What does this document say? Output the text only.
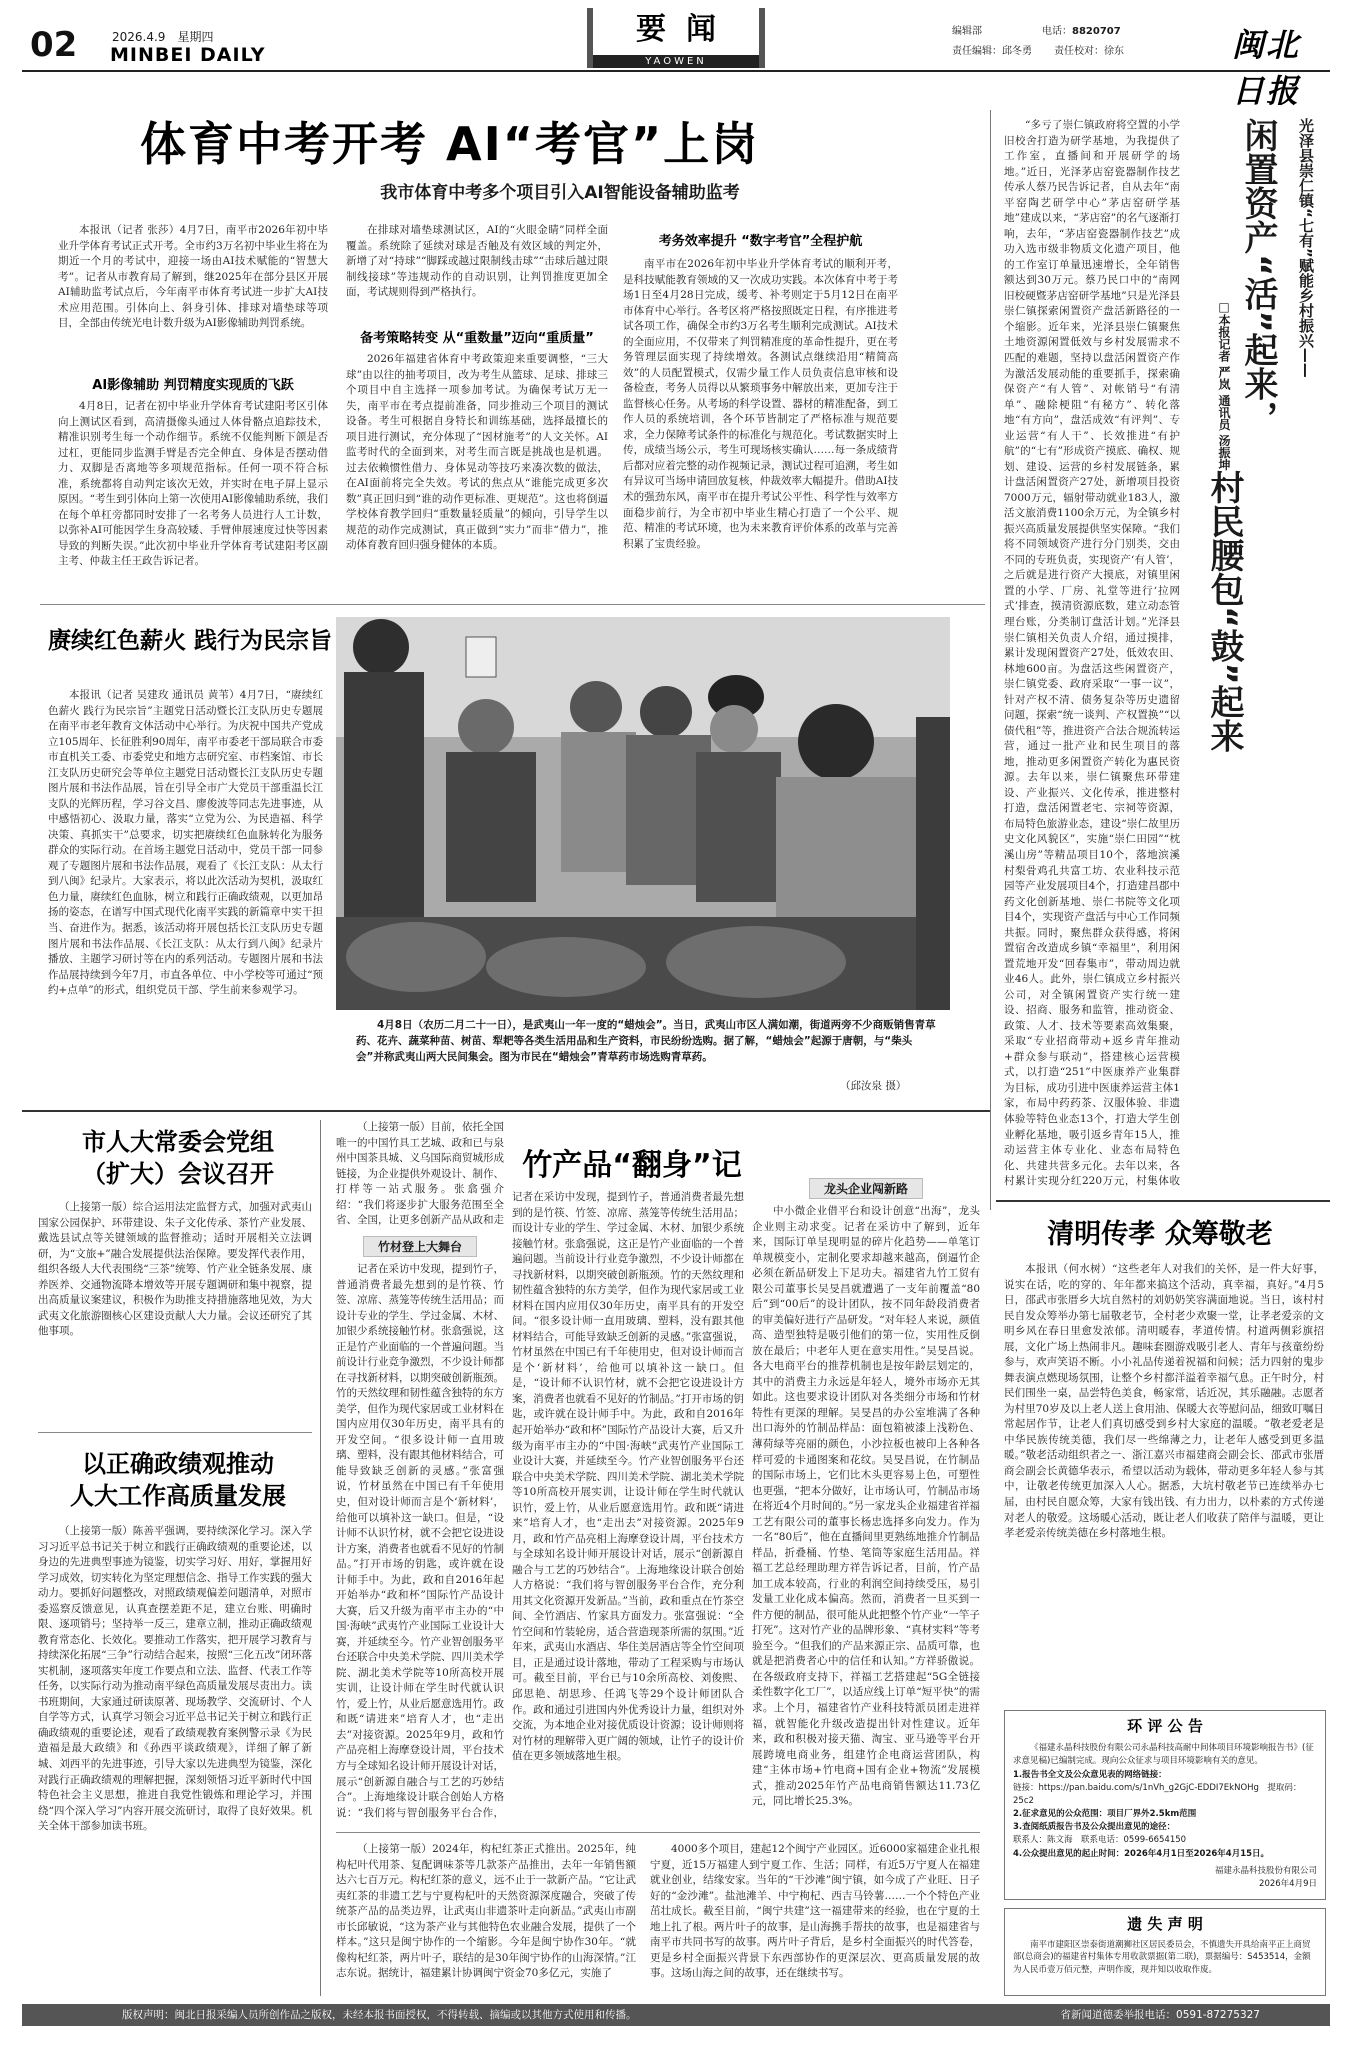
02	2026.4.9　 星期四
MINBEI DAILY
要闻
YAOWEN
编辑部	电话：8820707
责任编辑：邱冬勇 责任校对：徐东	闽北日报
体育中考开考 AI“考官”上岗
我市体育中考多个项目引入AI智能设备辅助监考
本报讯（记者 张莎）4月7日，南平市2026年初中毕业升学体育考试正式开考。全市约3万名初中毕业生将在为期近一个月的考试中，迎接一场由AI技术赋能的“智慧大考”。记者从市教育局了解到，继2025年在部分县区开展AI辅助监考试点后，今年南平市体育考试进一步扩大AI技术应用范围。引体向上、斜身引体、排球对墙垫球等项目，全部由传统光电计数升级为AI影像辅助判罚系统。
AI影像辅助 判罚精度实现质的飞跃
4月8日，记者在初中毕业升学体育考试建阳考区引体向上测试区看到，高清摄像头通过人体骨骼点追踪技术，精准识别考生每一个动作细节。系统不仅能判断下颌是否过杠，更能同步监测手臂是否完全伸直、身体是否摆动借力、双脚是否离地等多项规范指标。任何一项不符合标准，系统都将自动判定该次无效，并实时在电子屏上显示原因。“考生到引体向上第一次使用AI影像辅助系统，我们在每个单杠旁都同时安排了一名考务人员进行人工计数，以弥补AI可能因学生身高较矮、手臂伸展速度过快等因素导致的判断失误。”此次初中毕业升学体育考试建阳考区副主考、仲裁主任王政告诉记者。
在排球对墙垫球测试区，AI的“火眼金睛”同样全面覆盖。系统除了延续对球是否触及有效区域的判定外，新增了对“持球”“脚踩或越过限制线击球”“击球后越过限制线接球”等违规动作的自动识别，让判罚推度更加全面，考试规则得到严格执行。
备考策略转变 从“重数量”迈向“重质量”
2026年福建省体育中考政策迎来重要调整，“三大球”由以往的抽考项目，改为考生从篮球、足球、排球三个项目中自主选择一项参加考试。为确保考试万无一失，南平市在考点提前准备，同步推动三个项目的测试设备。考生可根据自身特长和训练基础，选择最擅长的项目进行测试，充分体现了“因材施考”的人文关怀。AI监考时代的全面到来，对考生而言既是挑战也是机遇。过去依赖惯性借力、身体晃动等技巧来凑次数的做法，在AI面前将完全失效。考试的焦点从“谁能完成更多次数”真正回归到“谁的动作更标准、更规范”。这也将倒逼学校体育教学回归“重数量轻质量”的倾向，引导学生以规范的动作完成测试，真正做到“实力”而非“借力”，推动体育教育回归强身健体的本质。
考务效率提升 “数字考官”全程护航
南平市在2026年初中毕业升学体育考试的顺利开考，是科技赋能教育领域的又一次成功实践。本次体育中考于考场1日至4月28日完成，缓考、补考则定于5月12日在南平市体育中心举行。各考区将严格按照既定日程，有序推进考试各项工作，确保全市约3万名考生顺利完成测试。AI技术的全面应用，不仅带来了判罚精准度的革命性提升，更在考务管理层面实现了持续增效。各测试点继续沿用“精简高效”的人员配置模式，仅需少量工作人员负责信息审核和设备检查，考务人员得以从繁琐事务中解放出来，更加专注于监督核心任务。从考场的科学设置、器材的精准配备，到工作人员的系统培训，各个环节皆制定了严格标准与规范要求，全力保障考试条件的标准化与规范化。考试数据实时上传，成绩当场公示，考生可现场核实确认……每一条成绩背后都对应着完整的动作视频记录，测试过程可追溯，考生如有异议可当场申请回放复核，仲裁效率大幅提升。借助AI技术的强劲东风，南平市在提升考试公平性、科学性与效率方面稳步前行，为全市初中毕业生精心打造了一个公平、规范、精准的考试环境，也为未来教育评价体系的改革与完善积累了宝贵经验。
光泽县崇仁镇“七有”赋能乡村振兴——
闲置资产“活”起来，
村民腰包“鼓”起来
□本报记者 严岚 通讯员 汤振坤
“多亏了崇仁镇政府将空置的小学旧校舍打造为研学基地，为我提供了工作室，直播间和开展研学的场地。”近日，光泽茅店窑瓷器制作技艺传承人蔡乃民告诉记者，自从去年“南平窑陶艺研学中心”茅店窑研学基地”建成以来，“茅店窑”的名气逐渐打响，去年，“茅店窑瓷器制作技艺”成功入选市级非物质文化遗产项目，他的工作室订单量迅速增长，全年销售额达到30万元。蔡乃民口中的“南网旧校硬暨茅店窑研学基地”只是光泽县崇仁镇探索闲置资产盘活新路径的一个缩影。近年来，光泽县崇仁镇聚焦土地资源闲置低效与乡村发展需求不匹配的难题，坚持以盘活闲置资产作为激活发展动能的重要抓手，探索确保资产“有人管”、对帐销号“有清单”、融除梗阻“有秘方”、转化落地“有方向”，盘活成效“有评判”、专业运营“有人干”、长效推进“有护航”的“七有”形成资产摸底、确权、规划、建设、运营的乡村发展链条，累计盘活闲置资产27处，新增项目投资7000万元，辐射带动就业183人，激活文旅消费1100余万元，为全镇乡村振兴高质量发展提供坚实保障。“我们将不同领域资产进行分门别类，交由不同的专班负责，实现资产‘有人管’，之后就是进行资产大摸底，对镇里闲置的小学、厂房、礼堂等进行‘拉网式’排查，摸清资源底数，建立动态管理台账，分类制订盘活计划。”光泽县崇仁镇相关负责人介绍，通过摸排，累计发现闲置资产27处，低效农田、林地600亩。为盘活这些闲置资产，崇仁镇党委、政府采取“一事一议”，针对产权不清、债务复杂等历史遗留问题，探索“统一谈判、产权置换”“以债代租”等，推进资产合法合规流转运营，通过一批产业和民生项目的落地，推动更多闲置资产转化为惠民资源。去年以来，崇仁镇聚焦环带建设、产业振兴、文化传承，推进整村打造，盘活闲置老宅、宗祠等资源，布局特色旅游业态，建设“崇仁故里历史文化风貌区”，实施“崇仁田园”“枕溪山房”等精品项目10个，落地滨溪村梨骨鸡孔共富工坊、农业科技示范园等产业发展项目4个，打造建昌郡中药文化创新基地、崇仁书院等文化项目4个，实现资产盘活与中心工作同频共振。同时，聚焦群众获得感，将闲置宿舍改造成乡镇“幸福里”，利用闲置荒地开发“回春集市”，带动周边就业46人。此外，崇仁镇成立乡村振兴公司，对全镇闲置资产实行统一建设、招商、服务和监管，推动资金、政策、人才、技术等要素高效集聚，采取“专业招商带动+返乡青年推动+群众参与联动”，搭建核心运营模式，以打造“251”中医康养产业集群为目标，成功引进中医康养运营主体1家，布局中药药茶、汉服体验、非遗体验等特色业态13个，打造大学生创业孵化基地，吸引返乡青年15人，推动运营主体专业化、业态布局特色化、共建共营多元化。去年以来，各村累计实现分红220万元，村集体收
赓续红色薪火 践行为民宗旨
本报讯（记者 吴建玫 通讯员 黄苇）4月7日，“赓续红色薪火 践行为民宗旨”主题党日活动暨长江支队历史专题展在南平市老年教育文体活动中心举行。为庆祝中国共产党成立105周年、长征胜利90周年，南平市委老干部局联合市委市直机关工委、市委党史和地方志研究室、市档案馆、市长江支队历史研究会等单位主题党日活动暨长江支队历史专题图片展和书法作品展，旨在引导全市广大党员干部重温长江支队的光辉历程，学习谷文昌、廖俊波等同志先进事迹，从中感悟初心、汲取力量，落实“立党为公、为民造福、科学决策、真抓实干”总要求，切实把赓续红色血脉转化为服务群众的实际行动。在首场主题党日活动中，党员干部一同参观了专题图片展和书法作品展，观看了《长江支队：从太行到八闽》纪录片。大家表示，将以此次活动为契机，汲取红色力量，赓续红色血脉，树立和践行正确政绩观，以更加昂扬的姿态，在谱写中国式现代化南平实践的新篇章中实干担当、奋进作为。据悉，该活动将开展包括长江支队历史专题图片展和书法作品展、《长江支队：从太行到八闽》纪录片播放、主题学习研讨等在内的系列活动。专题图片展和书法作品展持续到今年7月，市直各单位、中小学校等可通过“预约+点单”的形式，组织党员干部、学生前来参观学习。
4月8日（农历二月二十一日），是武夷山一年一度的“蜡烛会”。当日，武夷山市区人满如潮，街道两旁不少商贩销售青草药、花卉、蔬菜种苗、树苗、犁耙等各类生活用品和生产资料，市民纷纷选购。据了解，“蜡烛会”起源于唐朝，与“柴头会”并称武夷山两大民间集会。图为市民在“蜡烛会”青草药市场选购青草药。
（邱汝泉 摄）
市人大常委会党组
（扩大）会议召开
（上接第一版）综合运用法定监督方式，加强对武夷山国家公园保护、环带建设、朱子文化传承、茶竹产业发展、戴选县试点等关键领域的监督推动；适时开展相关立法调研，为“文旅+”融合发展提供法治保障。要发挥代表作用，组织各级人大代表围绕“三茶”统筹、竹产业全链条发展、康养医养、交通物流降本增效等开展专题调研和集中视察，提出高质量议案建议，积极作为助推支持措施落地见效，为大武夷文化旅游圈核心区建设贡献人大力量。会议还研究了其他事项。
以正确政绩观推动
人大工作高质量发展
（上接第一版）陈善平强调，要持续深化学习。深入学习习近平总书记关于树立和践行正确政绩观的重要论述，以身边的先进典型事迹为镜鉴，切实学习好、用好，掌握用好学习成效，切实转化为坚定理想信念、指导工作实践的强大动力。要抓好问题整改，对照政绩观偏差问题清单，对照市委巡察反馈意见，认真查摆差距不足，建立台账、明确时限、逐项销号；坚持举一反三，建章立制，推动正确政绩观教育常态化、长效化。要推动工作落实，把开展学习教育与持续深化拓展“三争”行动结合起来，按照“三化五改”闭环落实机制，逐项落实年度工作要点和立法、监督、代表工作等任务，以实际行动为推动南平绿色高质量发展尽责出力。读书班期间，大家通过研读原著、现场教学、交流研讨、个人自学等方式，认真学习领会习近平总书记关于树立和践行正确政绩观的重要论述，观看了政绩观教育案例警示录《为民造福是最大政绩》和《孙西平谈政绩观》，详细了解了新城、刘西平的先进事迹，引导大家以先进典型为镜鉴，深化对践行正确政绩观的理解把握，深刻领悟习近平新时代中国特色社会主义思想，推进自我党性锻炼和理论学习，并围绕“四个深入学习”内容开展交流研讨，取得了良好效果。机关全体干部参加读书班。
（上接第一版）目前，依托全国唯一的中国竹具工艺城、政和已与泉州中国茶具城、义乌国际商贸城形成链接，为企业提供外观设计、制作、打样等一站式服务。张翕强介绍：“我们将逐步扩大服务范围至全省、全国，让更多创新产品从政和走
竹材登上大舞台
记者在采访中发现，提到竹子，普通消费者最先想到的是竹筷、竹签、凉席、蒸笼等传统生活用品；而设计专业的学生、学过金属、木材、加银少系统接触竹材。张翕强说，这正是竹产业面临的一个普遍问题。当前设计行业竞争激烈，不少设计师都在寻找新材料，以期突破创新瓶颈。竹的天然纹理和韧性蕴含独特的东方美学，但作为现代家居或工业材料在国内应用仅30年历史，南平具有的开发空间。“很多设计师一直用玻璃、塑料，没有跟其他材料结合，可能导致缺乏创新的灵感。”张富强说，竹材虽然在中国已有千年使用史，但对设计师而言是个‘新材料’，给他可以填补这一缺口。但是，“设计师不认识竹材，就不会把它设进设计方案，消费者也就看不见好的竹制品。”打开市场的钥匙，或许就在设计师手中。为此，政和自2016年起开始举办“政和杯”国际竹产品设计大赛，后又升级为南平市主办的“中国·海峡”武夷竹产业国际工业设计大赛，并延续至今。竹产业智创服务平台还联合中央美术学院、四川美术学院、湖北美术学院等10所高校开展实训，让设计师在学生时代就认识竹，爱上竹，从业后愿意选用竹。政和既“请进来”培育人才，也“走出去”对接资源。2025年9月，政和竹产品亮相上海摩登设计周，平台技术方与全球知名设计师开展设计对话，展示“创新源自融合与工艺的巧妙结合”。上海地缘设计联合创始人方格说：“我们将与智创服务平台合作，
竹产品“翻身”记
记者在采访中发现，提到竹子，普通消费者最先想到的是竹筷、竹签、凉席、蒸笼等传统生活用品；而设计专业的学生、学过金属、木材、加银少系统接触竹材。张翕强说，这正是竹产业面临的一个普遍问题。当前设计行业竞争激烈，不少设计师都在寻找新材料，以期突破创新瓶颈。竹的天然纹理和韧性蕴含独特的东方美学，但作为现代家居或工业材料在国内应用仅30年历史，南平具有的开发空间。“很多设计师一直用玻璃、塑料，没有跟其他材料结合，可能导致缺乏创新的灵感。”张富强说，竹材虽然在中国已有千年使用史，但对设计师而言是个‘新材料’，给他可以填补这一缺口。但是，“设计师不认识竹材，就不会把它设进设计方案，消费者也就看不见好的竹制品。”打开市场的钥匙，或许就在设计师手中。为此，政和自2016年起开始举办“政和杯”国际竹产品设计大赛，后又升级为南平市主办的“中国·海峡”武夷竹产业国际工业设计大赛，并延续至今。竹产业智创服务平台还联合中央美术学院、四川美术学院、湖北美术学院等10所高校开展实训，让设计师在学生时代就认识竹，爱上竹，从业后愿意选用竹。政和既“请进来”培育人才，也“走出去”对接资源。2025年9月，政和竹产品亮相上海摩登设计周，平台技术方与全球知名设计师开展设计对话，展示“创新源自融合与工艺的巧妙结合”。上海地缘设计联合创始人方格说：“我们将与智创服务平台合作，充分利用其文化资源开发新品。”当前，政和重点在竹茶空间、全竹酒店、竹家具方面发力。张富强说：“全竹空间和竹装轮房，适合营造现茶所需的氛围。”近年来，武夷山水酒店、华住美居酒店等全竹空间项目，正是通过设计落地，带动了工程采购与市场认可。截至目前，平台已与10余所高校、刘俊熙、邱思艳、胡思珍、任鸿飞等29个设计师团队合作。政和通过引进国内外优秀设计力量，组织对外交流，为本地企业对接优质设计资源；设计师则将对竹材的理解带入更广阔的领域，让竹子的设计价值在更多领域落地生根。
龙头企业闯新路
中小微企业借平台和设计创意“出海”，龙头企业则主动求变。记者在采访中了解到，近年来，国际订单呈现明显的碎片化趋势——单笔订单规模变小，定制化要求却越来越高，倒逼竹企必须在新品研发上下足功夫。福建省九竹工贸有限公司董事长吴旻昌就遭遇了一支年前覆盖“80后”到“00后”的设计团队，按不同年龄段消费者的审美偏好进行产品研发。“对年轻人来说，颜值高、造型独特是吸引他们的第一位，实用性反倒放在最后；中老年人更在意实用性。”吴旻昌说。各大电商平台的推荐机制也是按年龄层划定的，其中的消费主力永远是年轻人，境外市场亦无其如此。这也要求设计团队对各类细分市场和竹材特性有更深的理解。吴旻昌的办公室堆满了各种出口海外的竹制品样品：面包箱被漆上浅粉色、薄荷绿等亮丽的颜色，小沙拉板也被印上各种各样可爱的卡通图案和花纹。吴旻昌说，在竹制品的国际市场上，它们比木头更容易上色，可塑性也更强，“把本分做好，让市场认可，竹制品市场在将近4个月时间的。”另一家龙头企业福建省祥福工艺有限公司的董事长杨忠选择多向发力。作为一名“80后”，他在直播间里更熟练地推介竹制品样品，折叠桶、竹垫、笔筒等家庭生活用品。祥福工艺总经理助理方祥告诉记者，目前，竹产品加工成本较高，行业的利润空间持续受压，易引发量工业化成本偏高。然而，消费者一旦买到一件方便的制品，很可能从此把整个竹产业“一竿子打死”。这对竹产业的品牌形象、“真材实料”等考验至今。“但我们的产品来源正宗、品质可靠，也就是把消费者心中的信任和认知。”方祥骄傲说。在各级政府支持下，祥福工艺搭建起“5G全链接柔性数字化工厂”，以适应线上订单“短平快”的需求。上个月，福建省竹产业科技特派员团走进祥福，就智能化升级改造提出针对性建议。近年来，政和积极对接天猫、淘宝、亚马逊等平台开展跨境电商业务，组建竹企电商运营团队，构建“主体市场+竹电商+国有企业+物流”发展模式，推动2025年竹产品电商销售额达11.73亿元，同比增长25.3%。
（上接第一版）2024年，构杞红茶正式推出。2025年，纯构杞叶代用茶、复配调味茶等几款茶产品推出，去年一年销售额达六七百万元。构杞红茶的意义，远不止于一款新产品。“它让武夷红茶的非遗工艺与宁夏构杞叶的天然资源深度融合，突破了传统茶产品的品类边界，让武夷山非遗茶叶走向新品。”武夷山市副市长邱敏说，“这为茶产业与其他特色农业融合发展，提供了一个样本。”这只是闽宁协作的一个缩影。今年是闽宁协作30年。“就像构杞红茶，两片叶子，联结的是30年闽宁协作的山海深情。”江志东说。据统计，福建累计协调闽宁资金70多亿元，实施了
4000多个项目，建起12个闽宁产业园区。近6000家福建企业扎根宁夏，近15万福建人到宁夏工作、生活；同样，有近5万宁夏人在福建就业创业，结缘安家。当年的“干沙滩”闽宁镇，如今成了产业旺、日子好的“金沙滩”。盐池滩羊、中宁枸杞、西吉马铃薯……一个个特色产业茁壮成长。截至目前，“闽宁共建”这一福建带来的经验，也在宁夏的土地上扎了根。两片叶子的故事，是山海携手帮扶的故事，也是福建省与南平市共同书写的故事。两片叶子背后，是乡村全面振兴的时代答卷，更是乡村全面振兴背景下东西部协作的更深层次、更高质量发展的故事。这场山海之间的故事，还在继续书写。
清明传孝 众筹敬老
本报讯（何水树）“这些老年人对我们的关怀，是一件大好事，说实在话，吃的穿的、年年都来搞这个活动，真幸福，真好。”4月5日，邵武市张厝乡大坑自然村的刘奶奶笑容满面地说。当日，该村村民自发众筹举办第七届敬老节，全村老少欢聚一堂，让孝老爱亲的文明乡风在春日里愈发浓郁。清明暖春，孝道传情。村道两侧彩旗招展，文化广场上热闹非凡。趣味套圈游戏吸引老人、青年与孩童纷纷参与，欢声笑语不断。小小礼品传递着祝福和问候；活力四射的鬼步舞表演点燃现场氛围，让整个乡村都洋溢着幸福气息。正午时分，村民们围坐一桌，品尝特色美食，畅家常，话近况，其乐融融。志愿者为村里70岁及以上老人送上食用油、保暖大衣等慰问品，细致叮嘱日常起居作节，让老人们真切感受到乡村大家庭的温暖。“敬老爱老是中华民族传统美德，我们尽一些绵薄之力，让老年人感受到更多温暖。”敬老活动组织者之一、浙江嘉兴市福建商会副会长、邵武市张厝商会副会长黄德华表示，希望以活动为载体，带动更多年轻人参与其中，让敬老传统更加深入人心。据悉，大坑村敬老节已连续举办七届，由村民自愿众筹，大家有钱出钱、有力出力，以朴素的方式传递对老人的敬爱。这场暖心活动，既让老人们收获了陪伴与温暖，更让孝老爱亲传统美德在乡村落地生根。
环 评 公 告
《福建永晶科技股份有限公司永晶科技高耐中间体项目环境影响报告书》(征求意见稿)已编制完成。现向公众征求与项目环境影响有关的意见。
1.报告书全文及公众意见表的网络链接：
链接：https://pan.baidu.com/s/1nVh_g2GjC-EDDI7EkNOHg　提取码：25c2
2.征求意见的公众范围：项目厂界外2.5km范围
3.查阅纸质报告书及公众提出意见的途径：
联系人：陈文海　联系电话：0599-6654150
4.公众提出意见的起止时间：2026年4月1日至2026年4月15日。
福建永晶科技股份有限公司
2026年4月9日
遗 失 声 明
南平市建阳区崇泰街道潮狮社区居民委员会，不慎遗失开具给南平正上商贸部(总商会)的福建省村集体专用收款票据(第二联)，票据编号：S453514，金额为人民币壹万佰元整，声明作废，现并知以收取作废。
版权声明：闽北日报采编人员所创作品之版权，未经本报书面授权，不得转载、摘编或以其他方式使用和传播。	省新闻道德委举报电话：0591-87275327
